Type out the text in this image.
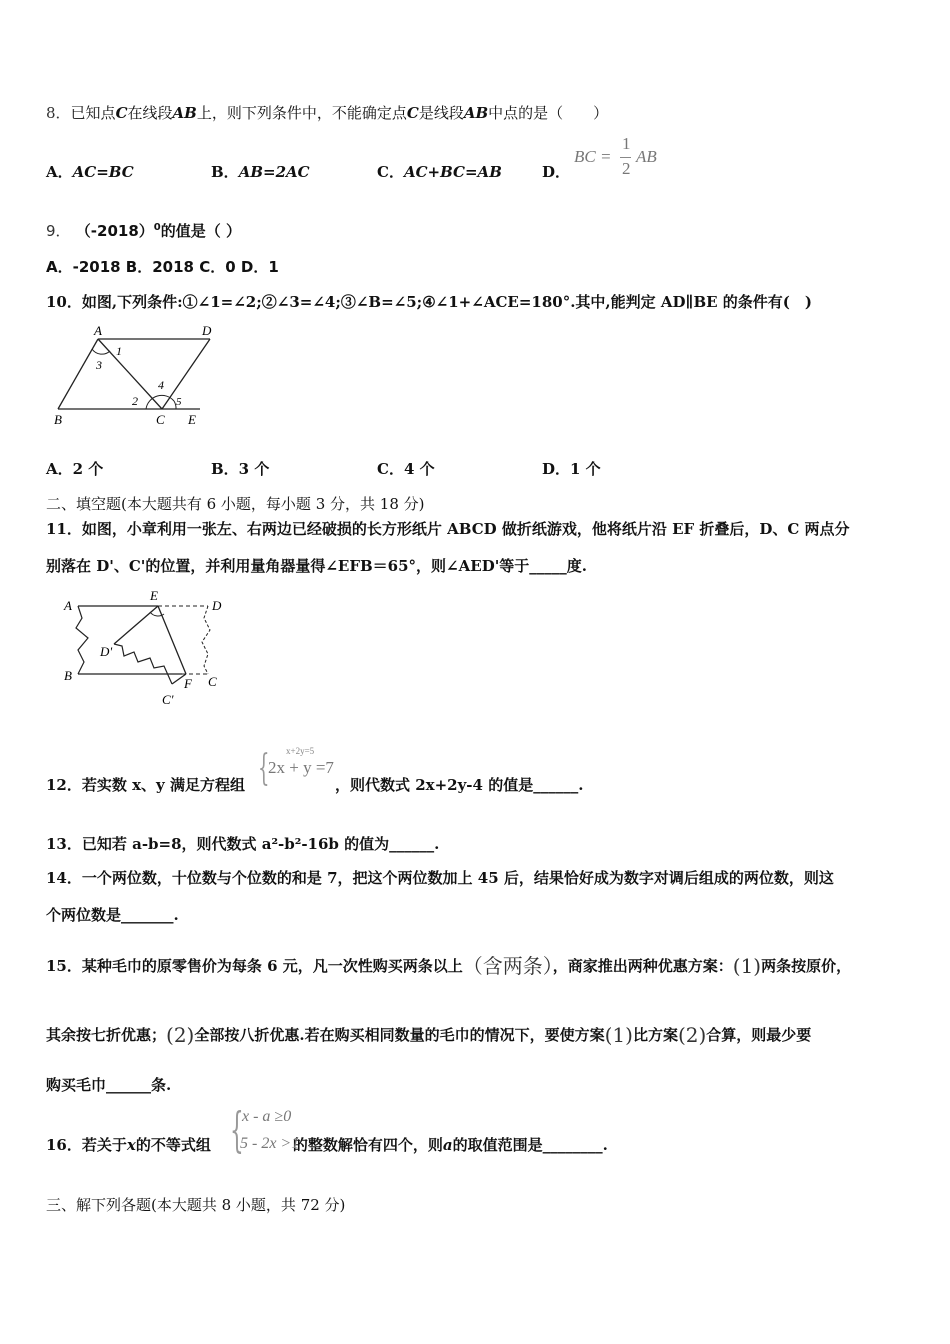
8．已知点C在线段AB上，则下列条件中，不能确定点C是线段AB中点的是（　　）
A．AC=BC	B．AB=2AC	C．AC+BC=AB	D．
BC =
1
2
AB
9． $(-2018)^0$的值是（ ）
A．-2018 B．2018 C．0 D．1
10．如图,下列条件:①∠1=∠2;②∠3=∠4;③∠B=∠5;④∠1+∠ACE=180°.其中,能判定 AD∥BE 的条件有(　)
A	D
1
3
4
2	5
B	C E
A．2 个	B．3 个	C．4 个	D．1 个
二、填空题(本大题共有 6 小题，每小题 3 分，共 18 分)
11．如图，小章利用一张左、右两边已经破损的长方形纸片 ABCD 做折纸游戏，他将纸片沿 EF 折叠后，D、C 两点分
别落在 D'、C'的位置，并利用量角器量得∠EFB＝65°，则∠AED'等于_____度.
A
E
D
D'
B
F C
C'
12．若实数 x、y 满足方程组	，则代数式 2x+2y-4 的值是______.
{ x+2y=5
2x + y =7
13．已知若 a-b=8，则代数式 a²-b²-16b 的值为______.
14．一个两位数，十位数与个位数的和是 7，把这个两位数加上 45 后，结果恰好成为数字对调后组成的两位数，则这
个两位数是_______.
15．某种毛巾的原零售价为每条 6 元，凡一次性购买两条以上（含两条），商家推出两种优惠方案：(1)两条按原价，
其余按七折优惠；(2)全部按八折优惠.若在购买相同数量的毛巾的情况下，要使方案(1)比方案(2)合算，则最少要
购买毛巾______条.
16．若关于x的不等式组	的整数解恰有四个，则a的取值范围是________.
{
x - a ≥0
5 - 2x >1
三、解下列各题(本大题共 8 小题，共 72 分)
